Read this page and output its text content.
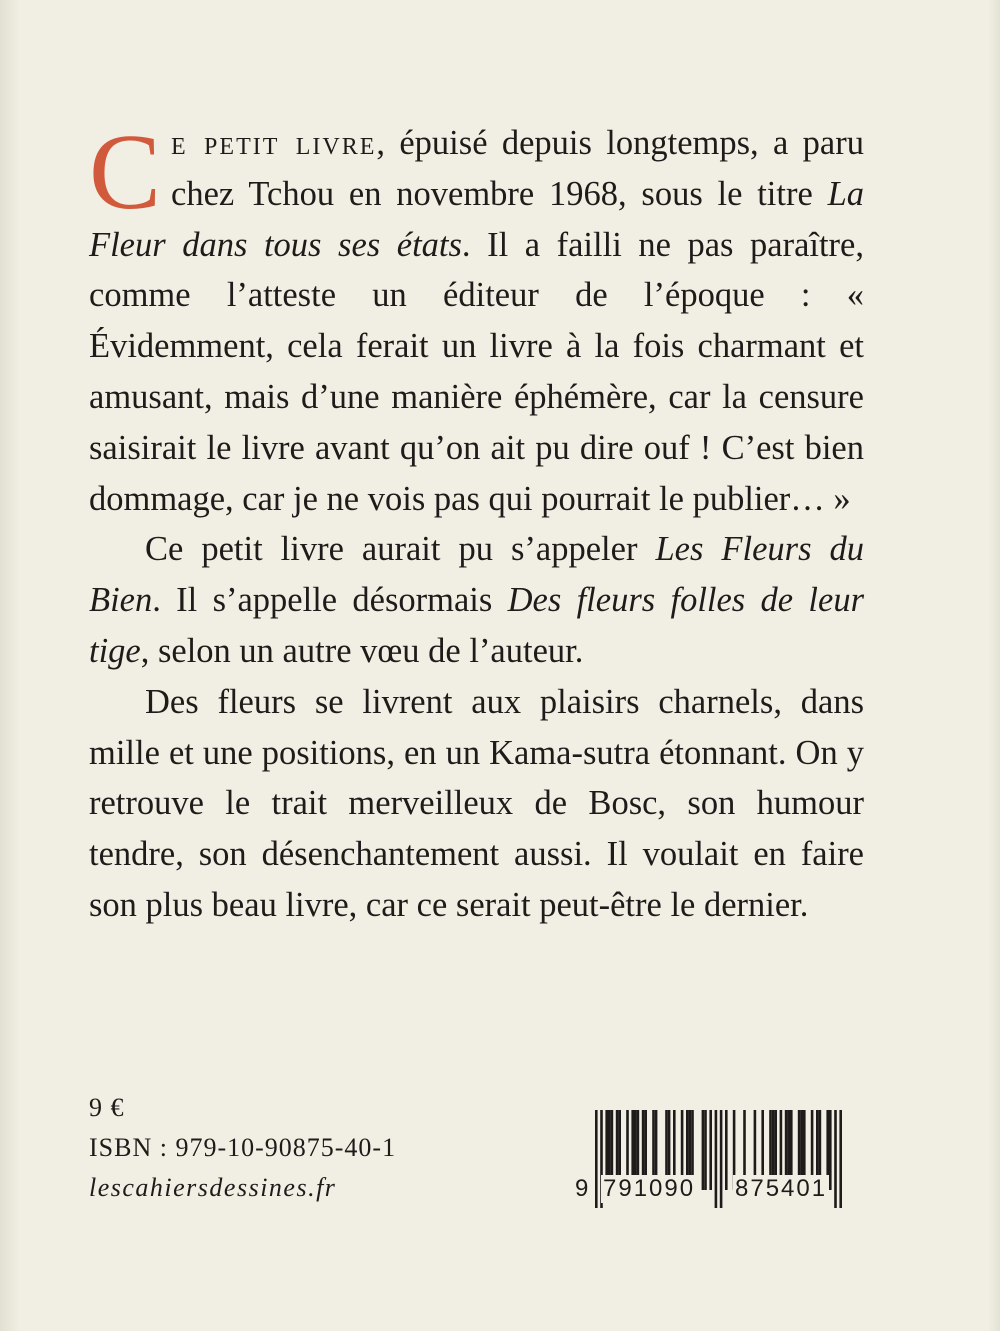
Ce petit livre, épuisé depuis longtemps, a paru chez Tchou en novembre 1968, sous le titre La Fleur dans tous ses états. Il a failli ne pas paraître, comme l’atteste un éditeur de l’époque : « Évidemment, cela ferait un livre à la fois charmant et amusant, mais d’une manière éphémère, car la censure saisirait le livre avant qu’on ait pu dire ouf ! C’est bien dommage, car je ne vois pas qui pourrait le publier… »

Ce petit livre aurait pu s’appeler Les Fleurs du Bien. Il s’appelle désormais Des fleurs folles de leur tige, selon un autre vœu de l’auteur.

Des fleurs se livrent aux plaisirs charnels, dans mille et une positions, en un Kama-sutra étonnant. On y retrouve le trait merveilleux de Bosc, son humour tendre, son désenchantement aussi. Il voulait en faire son plus beau livre, car ce serait peut-être le dernier.

9 €
ISBN : 979-10-90875-40-1
lescahiersdessines.fr	9 791090 875401
